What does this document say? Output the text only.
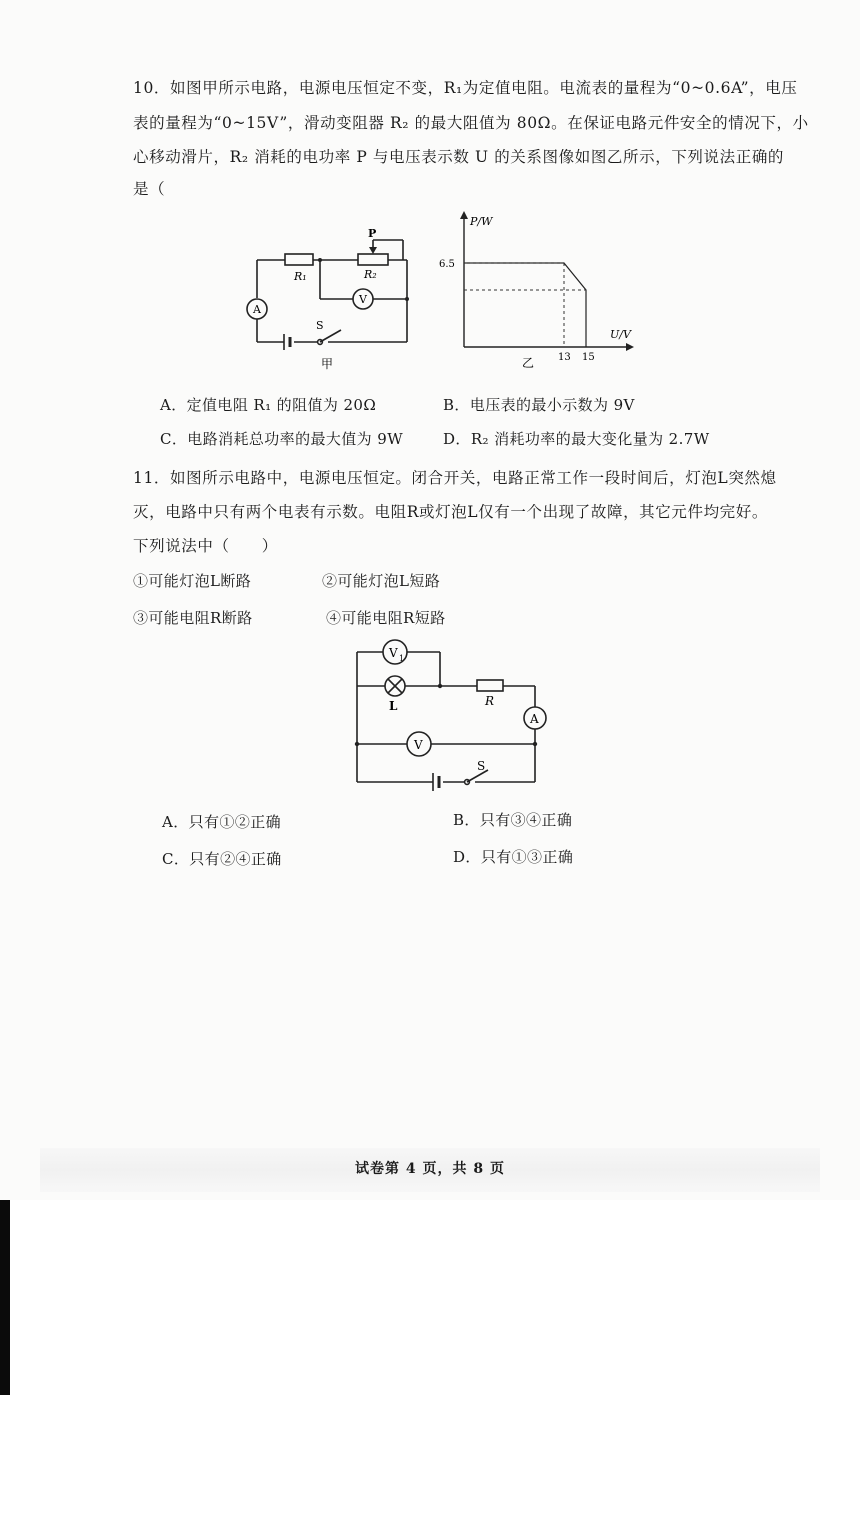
10．如图甲所示电路，电源电压恒定不变，R₁为定值电阻。电流表的量程为“0~0.6A”，电压
表的量程为“0~15V”，滑动变阻器 R₂ 的最大阻值为 80Ω。在保证电路元件安全的情况下，小
心移动滑片，R₂ 消耗的电功率 P 与电压表示数 U 的关系图像如图乙所示，下列说法正确的
是（
R₁
P
R₂
V
A
S
甲
P/W
U/V
6.5
13 15
乙
A．定值电阻 R₁ 的阻值为 20Ω	B．电压表的最小示数为 9V
C．电路消耗总功率的最大值为 9W	D．R₂ 消耗功率的最大变化量为 2.7W
11．如图所示电路中，电源电压恒定。闭合开关，电路正常工作一段时间后，灯泡L突然熄
灭，电路中只有两个电表有示数。电阻R或灯泡L仅有一个出现了故障，其它元件均完好。
下列说法中（　　）
①可能灯泡L断路	②可能灯泡L短路
③可能电阻R断路	④可能电阻R短路
V 1
L	R
A
V
S
A．只有①②正确	B．只有③④正确
C．只有②④正确	D．只有①③正确
试卷第 4 页，共 8 页
